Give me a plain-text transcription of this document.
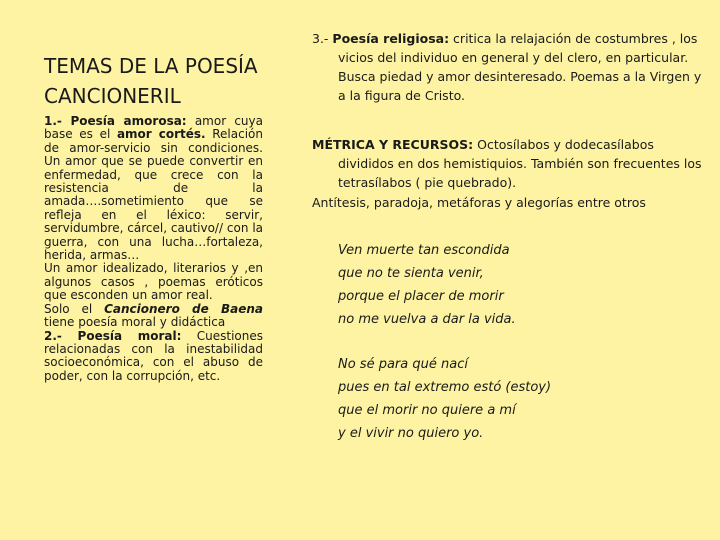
TEMAS DE LA POESÍA
CANCIONERIL

1.- Poesía amorosa: amor cuya base es el amor cortés. Relación de amor-servicio sin condiciones. Un amor que se puede convertir en enfermedad, que crece con la resistencia de la amada….sometimiento que se refleja en el léxico: servir, servidumbre, cárcel, cautivo// con la guerra, con una lucha…fortaleza, herida, armas…

Un amor idealizado, literarios y ,en algunos casos , poemas eróticos que esconden un amor real.

Solo el Cancionero de Baena tiene poesía moral y didáctica

2.- Poesía moral: Cuestiones relacionadas con la inestabilidad socioeconómica, con el abuso de poder, con la corrupción, etc.

3.- Poesía religiosa: critica la relajación de costumbres , los vicios del individuo en general y del clero, en particular. Busca piedad y amor desinteresado. Poemas a la Virgen y a la figura de Cristo.

MÉTRICA Y RECURSOS: Octosílabos y dodecasílabos divididos en dos hemistiquios. También son frecuentes los tetrasílabos ( pie quebrado).

Antítesis, paradoja, metáforas y alegorías entre otros

Ven muerte tan escondida
que no te sienta venir,
porque el placer de morir
no me vuelva a dar la vida.
No sé para qué nací
pues en tal extremo estó (estoy)
que el morir no quiere a mí
y el vivir no quiero yo.
